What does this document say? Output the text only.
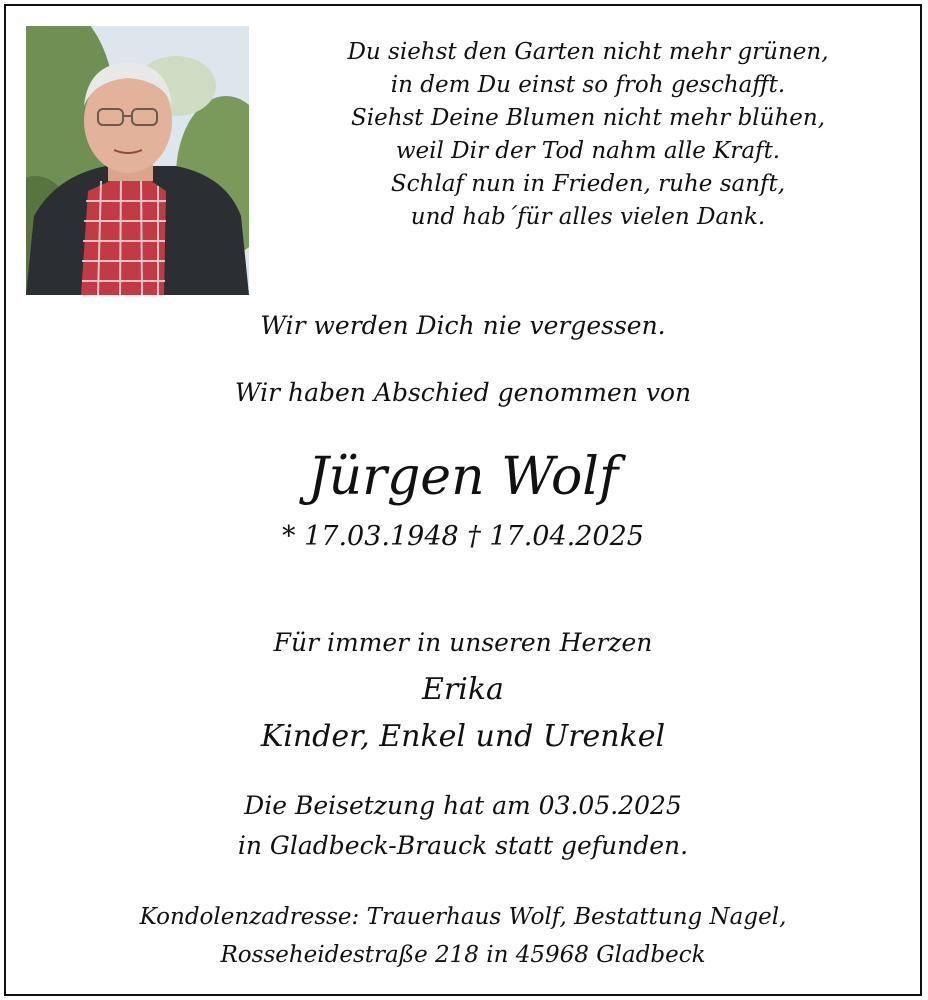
Du siehst den Garten nicht mehr grünen,
in dem Du einst so froh geschafft.
Siehst Deine Blumen nicht mehr blühen,
weil Dir der Tod nahm alle Kraft.
Schlaf nun in Frieden, ruhe sanft,
und hab´für alles vielen Dank.
Wir werden Dich nie vergessen.
Wir haben Abschied genommen von
Jürgen Wolf
* 17.03.1948 † 17.04.2025
Für immer in unseren Herzen
Erika
Kinder, Enkel und Urenkel
Die Beisetzung hat am 03.05.2025
in Gladbeck-Brauck statt gefunden.
Kondolenzadresse: Trauerhaus Wolf, Bestattung Nagel,
Rosseheidestraße 218 in 45968 Gladbeck
